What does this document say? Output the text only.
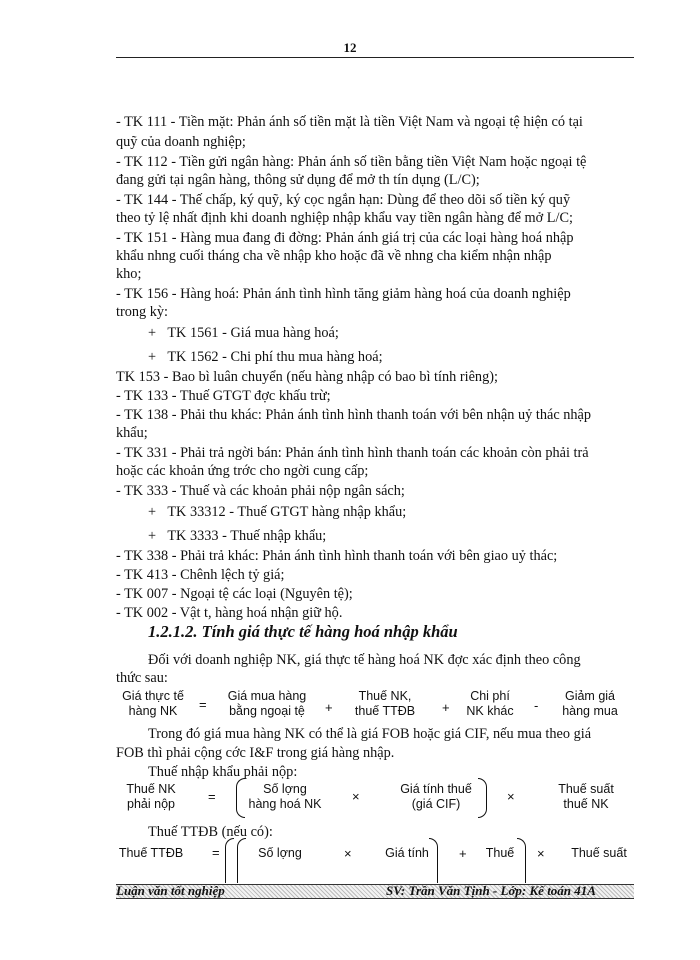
12
- TK 111 - Tiền mặt: Phản ánh số tiền mặt là tiền Việt Nam và ngoại tệ hiện có tại
quỹ của doanh nghiệp;
- TK 112 - Tiền gửi ngân hàng: Phản ánh số tiền bằng tiền Việt Nam hoặc ngoại tệ
đang gửi tại ngân hàng, thông sử dụng để mở th tín dụng (L/C);
- TK 144 - Thế chấp, ký quỹ, ký cọc ngắn hạn: Dùng để theo dõi số tiền ký quỹ
theo tỷ lệ nhất định khi doanh nghiệp nhập khẩu vay tiền ngân hàng để mở L/C;
- TK 151 - Hàng mua đang đi đờng: Phản ánh giá trị của các loại hàng hoá nhập
khẩu nhng cuối tháng cha về nhập kho hoặc đã về nhng cha kiểm nhận nhập
kho;
- TK 156 - Hàng hoá: Phản ánh tình hình tăng giảm hàng hoá của doanh nghiệp
trong kỳ:
+ TK 1561 - Giá mua hàng hoá;
+ TK 1562 - Chi phí thu mua hàng hoá;
TK 153 - Bao bì luân chuyển (nếu hàng nhập có bao bì tính riêng);
- TK 133 - Thuế GTGT đợc khấu trừ;
- TK 138 - Phải thu khác: Phản ánh tình hình thanh toán với bên nhận uỷ thác nhập
khẩu;
- TK 331 - Phải trả ngời bán: Phản ánh tình hình thanh toán các khoản còn phải trả
hoặc các khoản ứng trớc cho ngời cung cấp;
- TK 333 - Thuế và các khoản phải nộp ngân sách;
+ TK 33312 - Thuế GTGT hàng nhập khẩu;
+ TK 3333 - Thuế nhập khẩu;
- TK 338 - Phải trả khác: Phản ánh tình hình thanh toán với bên giao uỷ thác;
- TK 413 - Chênh lệch tỷ giá;
- TK 007 - Ngoại tệ các loại (Nguyên tệ);
- TK 002 - Vật t, hàng hoá nhận giữ hộ.
1.2.1.2. Tính giá thực tế hàng hoá nhập khẩu
Đối với doanh nghiệp NK, giá thực tế hàng hoá NK đợc xác định theo công
thức sau:
Giá thực tế
hàng NK	=
Giá mua hàng
bằng ngoại tệ	+
Thuế NK,
thuế TTĐB	+
Chi phí
NK khác	-
Giảm giá
hàng mua
Trong đó giá mua hàng NK có thể là giá FOB hoặc giá CIF, nếu mua theo giá
FOB thì phải cộng cớc I&F trong giá hàng nhập.
Thuế nhập khẩu phải nộp:
Thuế NK
phải nộp	=	Số lợng
hàng hoá NK	×	Giá tính thuế
(giá CIF)	×	Thuế suất
thuế NK
Thuế TTĐB (nếu có):
Thuế TTĐB =	Số lợng	×	Giá tính + Thuế × Thuế suất
Luận văn tốt nghiệp	SV: Trần Văn Tịnh - Lớp: Kế toán 41A
